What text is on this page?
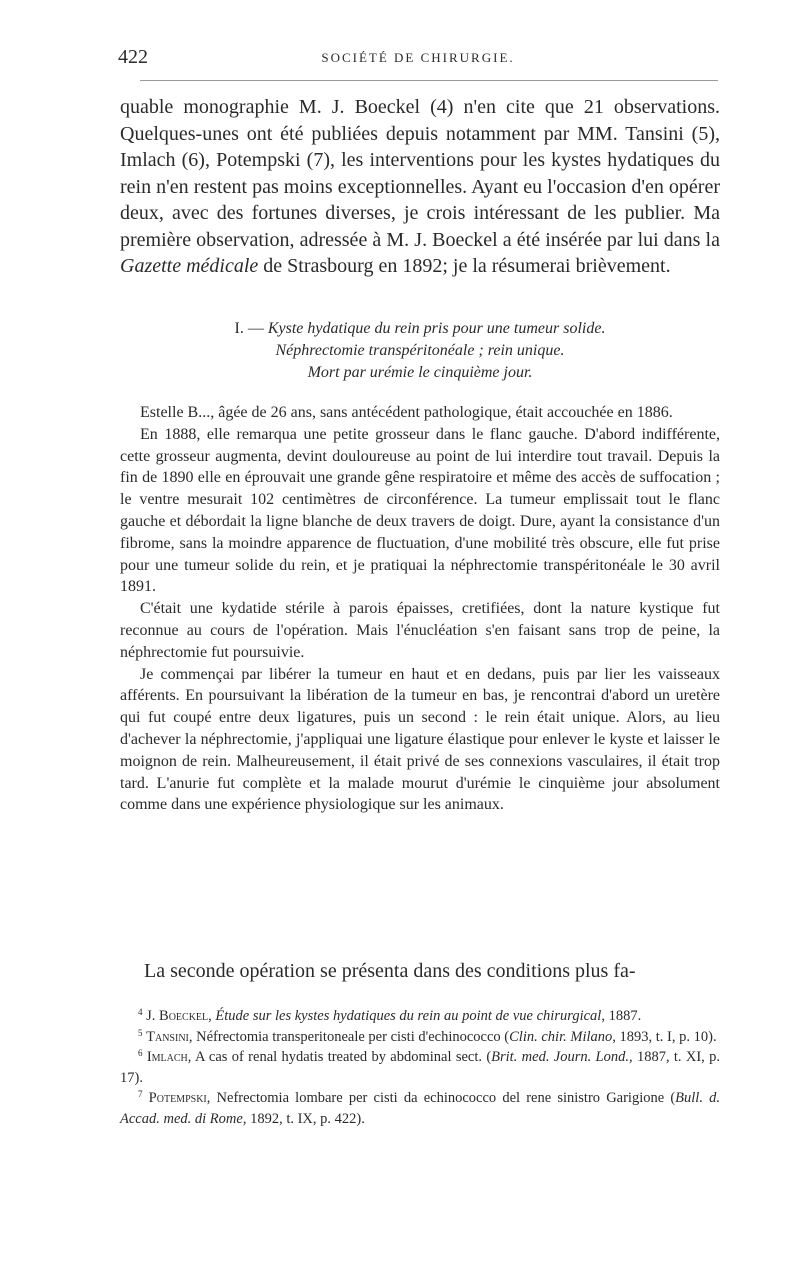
422	SOCIÉTÉ DE CHIRURGIE.

quable monographie M. J. Boeckel (4) n'en cite que 21 observations. Quelques-unes ont été publiées depuis notamment par MM. Tansini (5), Imlach (6), Potempski (7), les interventions pour les kystes hydatiques du rein n'en restent pas moins exceptionnelles. Ayant eu l'occasion d'en opérer deux, avec des fortunes diverses, je crois intéressant de les publier. Ma première observation, adressée à M. J. Boeckel a été insérée par lui dans la Gazette médicale de Strasbourg en 1892; je la résumerai brièvement.

I. — Kyste hydatique du rein pris pour une tumeur solide.
Néphrectomie transpéritonéale ; rein unique.
Mort par urémie le cinquième jour.

Estelle B..., âgée de 26 ans, sans antécédent pathologique, était accouchée en 1886.

En 1888, elle remarqua une petite grosseur dans le flanc gauche. D'abord indifférente, cette grosseur augmenta, devint douloureuse au point de lui interdire tout travail. Depuis la fin de 1890 elle en éprouvait une grande gêne respiratoire et même des accès de suffocation ; le ventre mesurait 102 centimètres de circonférence. La tumeur emplissait tout le flanc gauche et débordait la ligne blanche de deux travers de doigt. Dure, ayant la consistance d'un fibrome, sans la moindre apparence de fluctuation, d'une mobilité très obscure, elle fut prise pour une tumeur solide du rein, et je pratiquai la néphrectomie transpéritonéale le 30 avril 1891.

C'était une kydatide stérile à parois épaisses, cretifiées, dont la nature kystique fut reconnue au cours de l'opération. Mais l'énucléation s'en faisant sans trop de peine, la néphrectomie fut poursuivie.

Je commençai par libérer la tumeur en haut et en dedans, puis par lier les vaisseaux afférents. En poursuivant la libération de la tumeur en bas, je rencontrai d'abord un uretère qui fut coupé entre deux ligatures, puis un second : le rein était unique. Alors, au lieu d'achever la néphrectomie, j'appliquai une ligature élastique pour enlever le kyste et laisser le moignon de rein. Malheureusement, il était privé de ses connexions vasculaires, il était trop tard. L'anurie fut complète et la malade mourut d'urémie le cinquième jour absolument comme dans une expérience physiologique sur les animaux.

La seconde opération se présenta dans des conditions plus fa-

$^4$ J. Boeckel, Étude sur les kystes hydatiques du rein au point de vue chirurgical, 1887.

$^5$ Tansini, Néfrectomia transperitoneale per cisti d'echinococco (Clin. chir. Milano, 1893, t. I, p. 10).

$^6$ Imlach, A cas of renal hydatis treated by abdominal sect. (Brit. med. Journ. Lond., 1887, t. XI, p. 17).

$^7$ Potempski, Nefrectomia lombare per cisti da echinococco del rene sinistro Garigione (Bull. d. Accad. med. di Rome, 1892, t. IX, p. 422).
